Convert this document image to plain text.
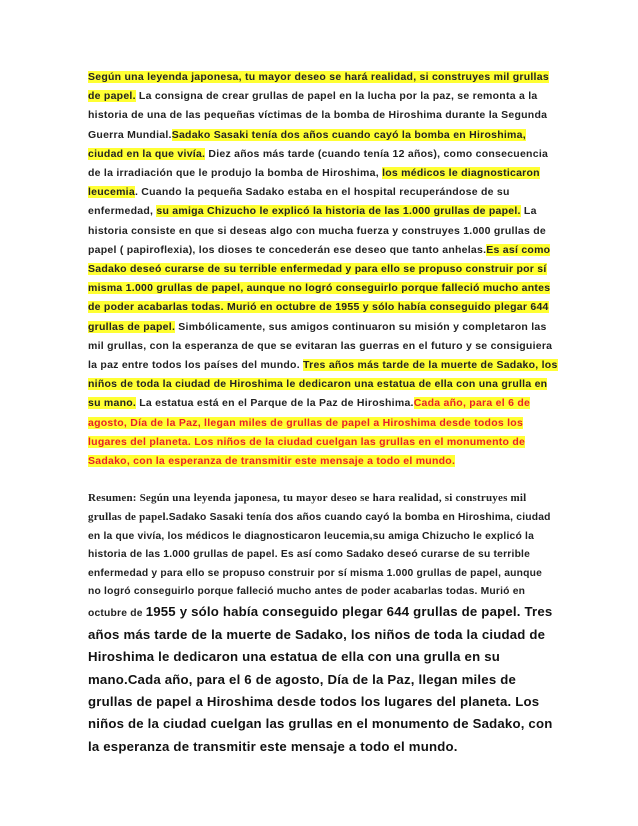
Según una leyenda japonesa, tu mayor deseo se hará realidad, si construyes mil grullas de papel. La consigna de crear grullas de papel en la lucha por la paz, se remonta a la historia de una de las pequeñas víctimas de la bomba de Hiroshima durante la Segunda Guerra Mundial.Sadako Sasaki tenía dos años cuando cayó la bomba en Hiroshima, ciudad en la que vivía. Diez años más tarde (cuando tenía 12 años), como consecuencia de la irradiación que le produjo la bomba de Hiroshima, los médicos le diagnosticaron leucemia. Cuando la pequeña Sadako estaba en el hospital recuperándose de su enfermedad, su amiga Chizucho le explicó la historia de las 1.000 grullas de papel. La historia consiste en que si deseas algo con mucha fuerza y construyes 1.000 grullas de papel ( papiroflexia), los dioses te concederán ese deseo que tanto anhelas.Es así como Sadako deseó curarse de su terrible enfermedad y para ello se propuso construir por sí misma 1.000 grullas de papel, aunque no logró conseguirlo porque falleció mucho antes de poder acabarlas todas. Murió en octubre de 1955 y sólo había conseguido plegar 644 grullas de papel. Simbólicamente, sus amigos continuaron su misión y completaron las mil grullas, con la esperanza de que se evitaran las guerras en el futuro y se consiguiera la paz entre todos los países del mundo. Tres años más tarde de la muerte de Sadako, los niños de toda la ciudad de Hiroshima le dedicaron una estatua de ella con una grulla en su mano. La estatua está en el Parque de la Paz de Hiroshima.Cada año, para el 6 de agosto, Día de la Paz, llegan miles de grullas de papel a Hiroshima desde todos los lugares del planeta. Los niños de la ciudad cuelgan las grullas en el monumento de Sadako, con la esperanza de transmitir este mensaje a todo el mundo.
Resumen: Según una leyenda japonesa, tu mayor deseo se hara realidad, si construyes mil grullas de papel.Sadako Sasaki tenía dos años cuando cayó la bomba en Hiroshima, ciudad en la que vivía, los médicos le diagnosticaron leucemia,su amiga Chizucho le explicó la historia de las 1.000 grullas de papel. Es así como Sadako deseó curarse de su terrible enfermedad y para ello se propuso construir por sí misma 1.000 grullas de papel, aunque no logró conseguirlo porque falleció mucho antes de poder acabarlas todas. Murió en octubre de 1955 y sólo había conseguido plegar 644 grullas de papel. Tres años más tarde de la muerte de Sadako, los niños de toda la ciudad de Hiroshima le dedicaron una estatua de ella con una grulla en su mano.Cada año, para el 6 de agosto, Día de la Paz, llegan miles de grullas de papel a Hiroshima desde todos los lugares del planeta. Los niños de la ciudad cuelgan las grullas en el monumento de Sadako, con la esperanza de transmitir este mensaje a todo el mundo.
